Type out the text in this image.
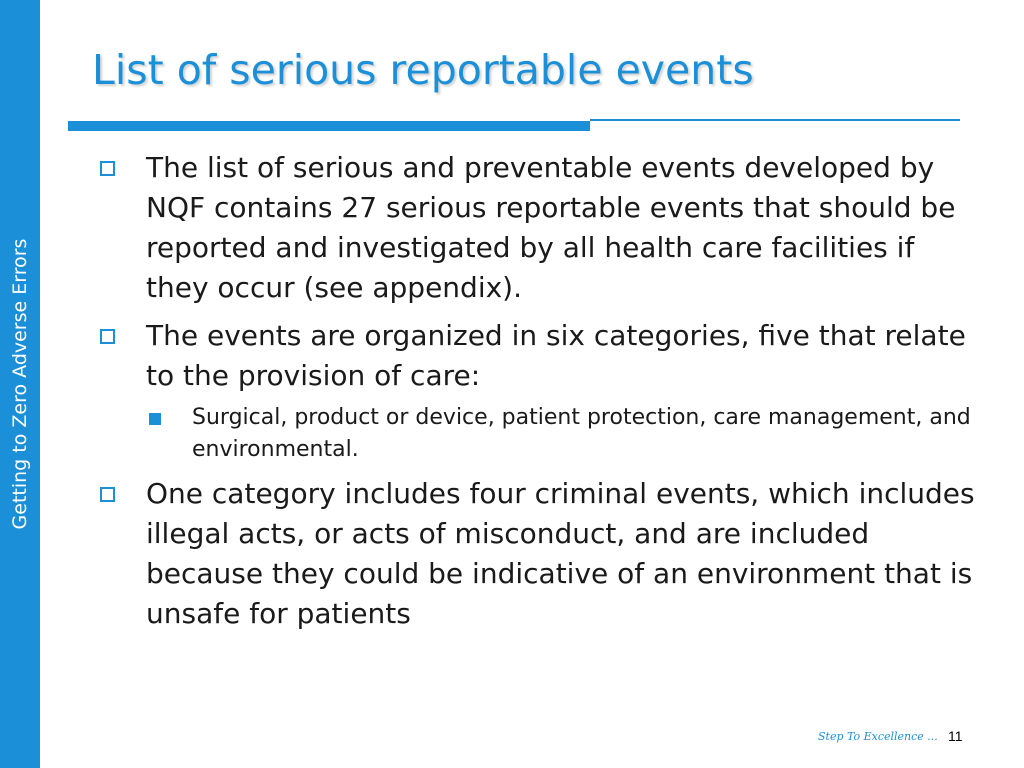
Getting to Zero Adverse Errors
List of serious reportable events
The list of serious and preventable events developed by NQF contains 27 serious reportable events that should be reported and investigated by all health care facilities if they occur (see appendix).
The events are organized in six categories, five that relate to the provision of care:
Surgical, product or device, patient protection, care management, and environmental.
One category includes four criminal events, which includes illegal acts, or acts of misconduct, and are included because they could be indicative of an environment that is unsafe for patients
Step To Excellence ... 11
